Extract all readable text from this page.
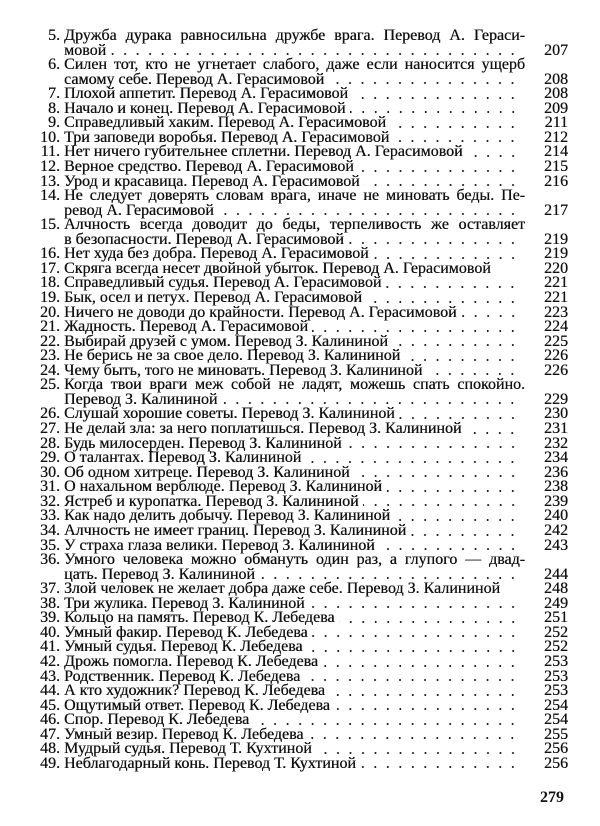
5. Дружба дурака равносильна дружбе врага. Перевод А. Гераси-
мовой	207
6. Силен тот, кто не угнетает слабого, даже если наносится ущерб
самому себе. Перевод А. Герасимовой	208
7. Плохой аппетит. Перевод А. Герасимовой	208
8. Начало и конец. Перевод А. Герасимовой	209
9. Справедливый хаким. Перевод А. Герасимовой	211
10. Три заповеди воробья. Перевод А. Герасимовой	212
11. Нет ничего губительнее сплетни. Перевод А. Герасимовой	214
12. Верное средство. Перевод А. Герасимовой	215
13. Урод и красавица. Перевод А. Герасимовой	216
14. Не следует доверять словам врага, иначе не миновать беды. Пе-
ревод А. Герасимовой	217
15. Алчность всегда доводит до беды, терпеливость же оставляет
в безопасности. Перевод А. Герасимовой	219
16. Нет худа без добра. Перевод А. Герасимовой	219
17. Скряга всегда несет двойной убыток. Перевод А. Герасимовой	220
18. Справедливый судья. Перевод А. Герасимовой	221
19. Бык, осел и петух. Перевод А. Герасимовой	221
20. Ничего не доводи до крайности. Перевод А. Герасимовой	223
21. Жадность. Перевод А. Герасимовой	224
22. Выбирай друзей с умом. Перевод З. Калининой	225
23. Не берись не за свое дело. Перевод З. Калининой	226
24. Чему быть, того не миновать. Перевод З. Калининой	226
25. Когда твои враги меж собой не ладят, можешь спать спокойно.
Перевод З. Калининой	229
26. Слушай хорошие советы. Перевод З. Калининой	230
27. Не делай зла: за него поплатишься. Перевод З. Калининой	231
28. Будь милосерден. Перевод З. Калининой	232
29. О талантах. Перевод З. Калининой	234
30. Об одном хитреце. Перевод З. Калининой	236
31. О нахальном верблюде. Перевод З. Калининой	238
32. Ястреб и куропатка. Перевод З. Калининой	239
33. Как надо делить добычу. Перевод З. Калининой	240
34. Алчность не имеет границ. Перевод З. Калининой	242
35. У страха глаза велики. Перевод З. Калининой	243
36. Умного человека можно обмануть один раз, а глупого — двад-
цать. Перевод З. Калининой	244
37. Злой человек не желает добра даже себе. Перевод З. Калининой	248
38. Три жулика. Перевод З. Калининой	249
39. Кольцо на память. Перевод К. Лебедева	251
40. Умный факир. Перевод К. Лебедева	252
41. Умный судья. Перевод К. Лебедева	252
42. Дрожь помогла. Перевод К. Лебедева	253
43. Родственник. Перевод К. Лебедева	253
44. А кто художник? Перевод К. Лебедева	253
45. Ощутимый ответ. Перевод К. Лебедева	254
46. Спор. Перевод К. Лебедева	254
47. Умный везир. Перевод К. Лебедева	255
48. Мудрый судья. Перевод Т. Кухтиной	256
49. Неблагодарный конь. Перевод Т. Кухтиной	256
279
